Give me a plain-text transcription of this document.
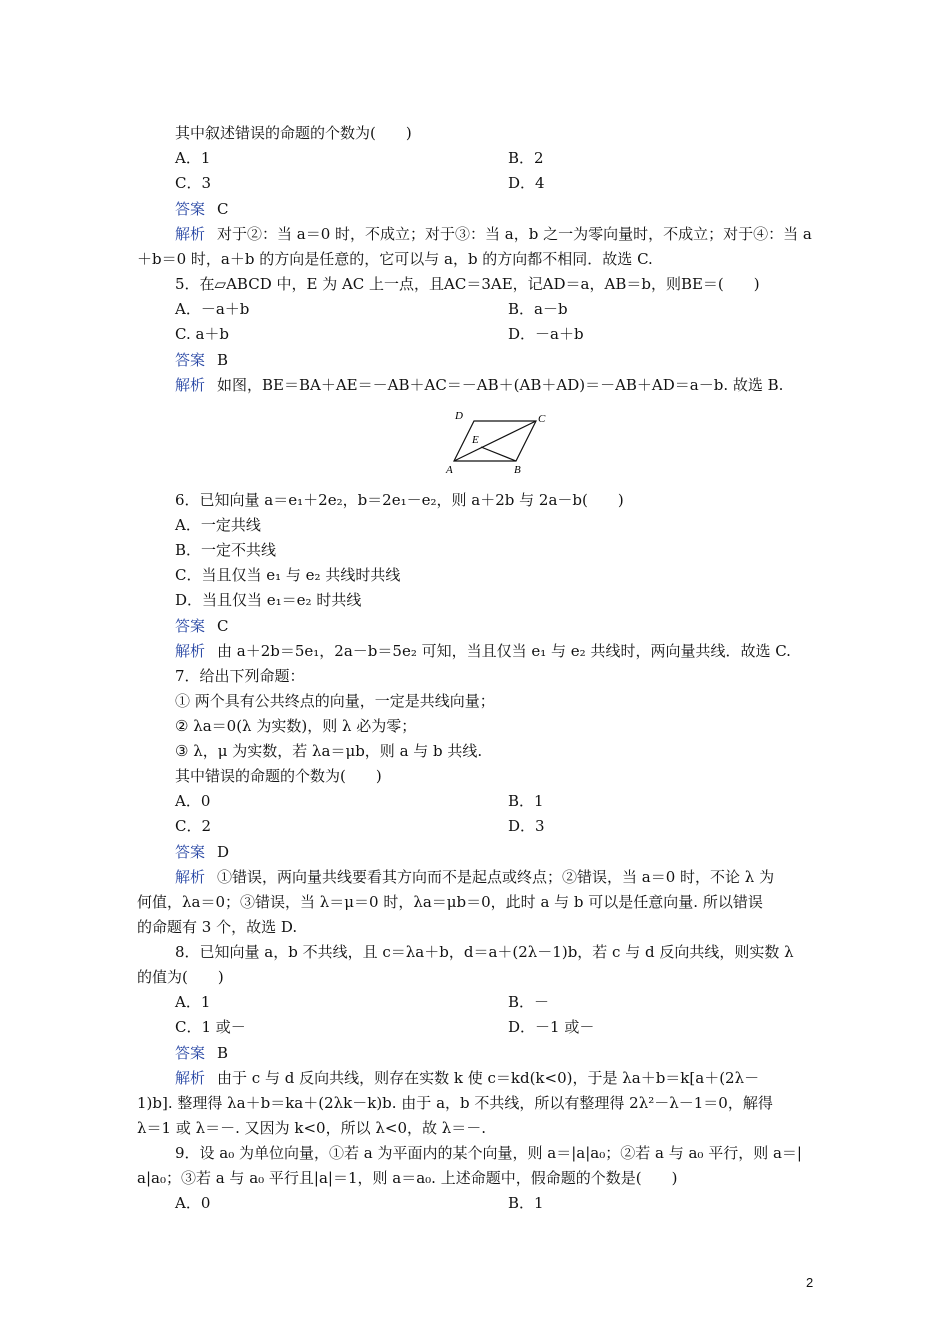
其中叙述错误的命题的个数为(　　)
A．1	B．2
C．3	D．4
答案 C
解析 对于②：当 a＝0 时，不成立；对于③：当 a，b 之一为零向量时，不成立；对于④：当 a
＋b＝0 时，a＋b 的方向是任意的，它可以与 a，b 的方向都不相同．故选 C.
5．在▱ABCD 中，E 为 AC 上一点，且AC＝3AE，记AD＝a，AB＝b，则BE＝(　　)
A．－a＋b	B．a－b
C. a＋b	D．－a＋b
答案 B
解析 如图，BE＝BA＋AE＝－AB＋AC＝－AB＋(AB＋AD)＝－AB＋AD＝a－b. 故选 B.
6．已知向量 a＝e₁＋2e₂，b＝2e₁－e₂，则 a＋2b 与 2a－b(　　)
A．一定共线
B．一定不共线
C．当且仅当 e₁ 与 e₂ 共线时共线
D．当且仅当 e₁＝e₂ 时共线
答案 C
解析 由 a＋2b＝5e₁，2a－b＝5e₂ 可知，当且仅当 e₁ 与 e₂ 共线时，两向量共线．故选 C.
7．给出下列命题：
① 两个具有公共终点的向量，一定是共线向量；
② λa＝0(λ 为实数)，则 λ 必为零；
③ λ，μ 为实数，若 λa＝μb，则 a 与 b 共线.
其中错误的命题的个数为(　　)
A．0	B．1
C．2	D．3
答案 D
解析 ①错误，两向量共线要看其方向而不是起点或终点；②错误，当 a＝0 时，不论 λ 为
何值，λa＝0；③错误，当 λ＝μ＝0 时，λa＝μb＝0，此时 a 与 b 可以是任意向量. 所以错误
的命题有 3 个，故选 D.
8．已知向量 a，b 不共线，且 c＝λa＋b，d＝a＋(2λ－1)b，若 c 与 d 反向共线，则实数 λ
的值为(　　)
A．1	B．－
C．1 或－	D．－1 或－
答案 B
解析 由于 c 与 d 反向共线，则存在实数 k 使 c＝kd(k<0)，于是 λa＋b＝k[a＋(2λ－
1)b]. 整理得 λa＋b＝ka＋(2λk－k)b. 由于 a，b 不共线，所以有整理得 2λ²－λ－1＝0，解得
λ＝1 或 λ＝－. 又因为 k<0，所以 λ<0，故 λ＝－.
9．设 a₀ 为单位向量，①若 a 为平面内的某个向量，则 a＝|a|a₀；②若 a 与 a₀ 平行，则 a＝|
a|a₀；③若 a 与 a₀ 平行且|a|＝1，则 a＝a₀. 上述命题中，假命题的个数是(　　)
A．0	B．1
D	C
E
A	B
2
